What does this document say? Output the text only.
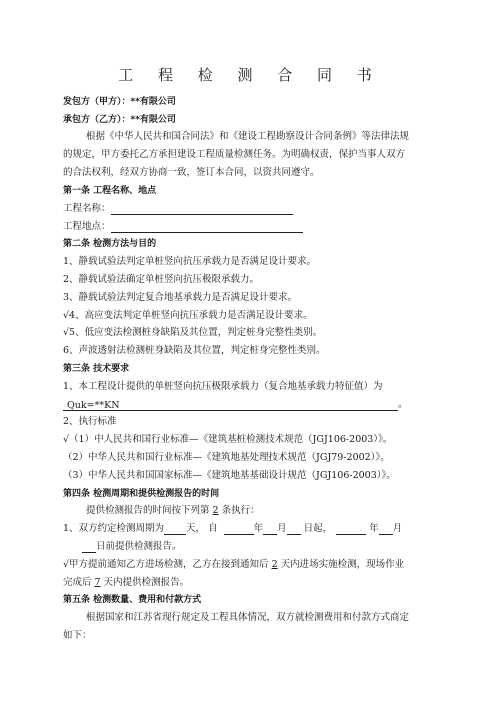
工 程 检 测 合 同 书
发包方（甲方）：**有限公司
承包方（乙方）：**有限公司
根据《中华人民共和国合同法》和《建设工程勘察设计合同条例》等法律法规
的规定，甲方委托乙方承担建设工程质量检测任务。为明确权责，保护当事人双方
的合法权利，经双方协商一致，签订本合同，以资共同遵守。
第一条 工程名称、地点
工程名称：
工程地点：
第二条 检测方法与目的
1、静载试验法判定单桩竖向抗压承载力是否满足设计要求。
2、静载试验法确定单桩竖向抗压极限承载力。
3、静载试验法判定复合地基承载力是否满足设计要求。
√4、高应变法判定单桩竖向抗压承载力是否满足设计要求。
√5、低应变法检测桩身缺陷及其位置，判定桩身完整性类别。
6、声波透射法检测桩身缺陷及其位置，判定桩身完整性类别。
第三条 技术要求
1、本工程设计提供的单桩竖向抗压极限承载力（复合地基承载力特征值）为
Quk=**KN	。
2、执行标准
√（1）中人民共和国行业标准—《建筑基桩检测技术规范（JGJ106-2003）》。
（2）中华人民共和国行业标准—《建筑地基处理技术规范（JGJ79-2002）》。
（3）中华人民共和国国家标准—《建筑地基基础设计规范（JGJ106-2003）》。
第四条 检测周期和提供检测报告的时间
提供检测报告的时间按下列第 2 条执行：
1、双方约定检测周期为 天， 自	年 月 日起，	年 月
日前提供检测报告。
√甲方提前通知乙方进场检测，乙方在接到通知后 2 天内进场实施检测，现场作业
完成后 7 天内提供检测报告。
第五条 检测数量、费用和付款方式
根据国家和江苏省现行规定及工程具体情况，双方就检测费用和付款方式商定
如下：
